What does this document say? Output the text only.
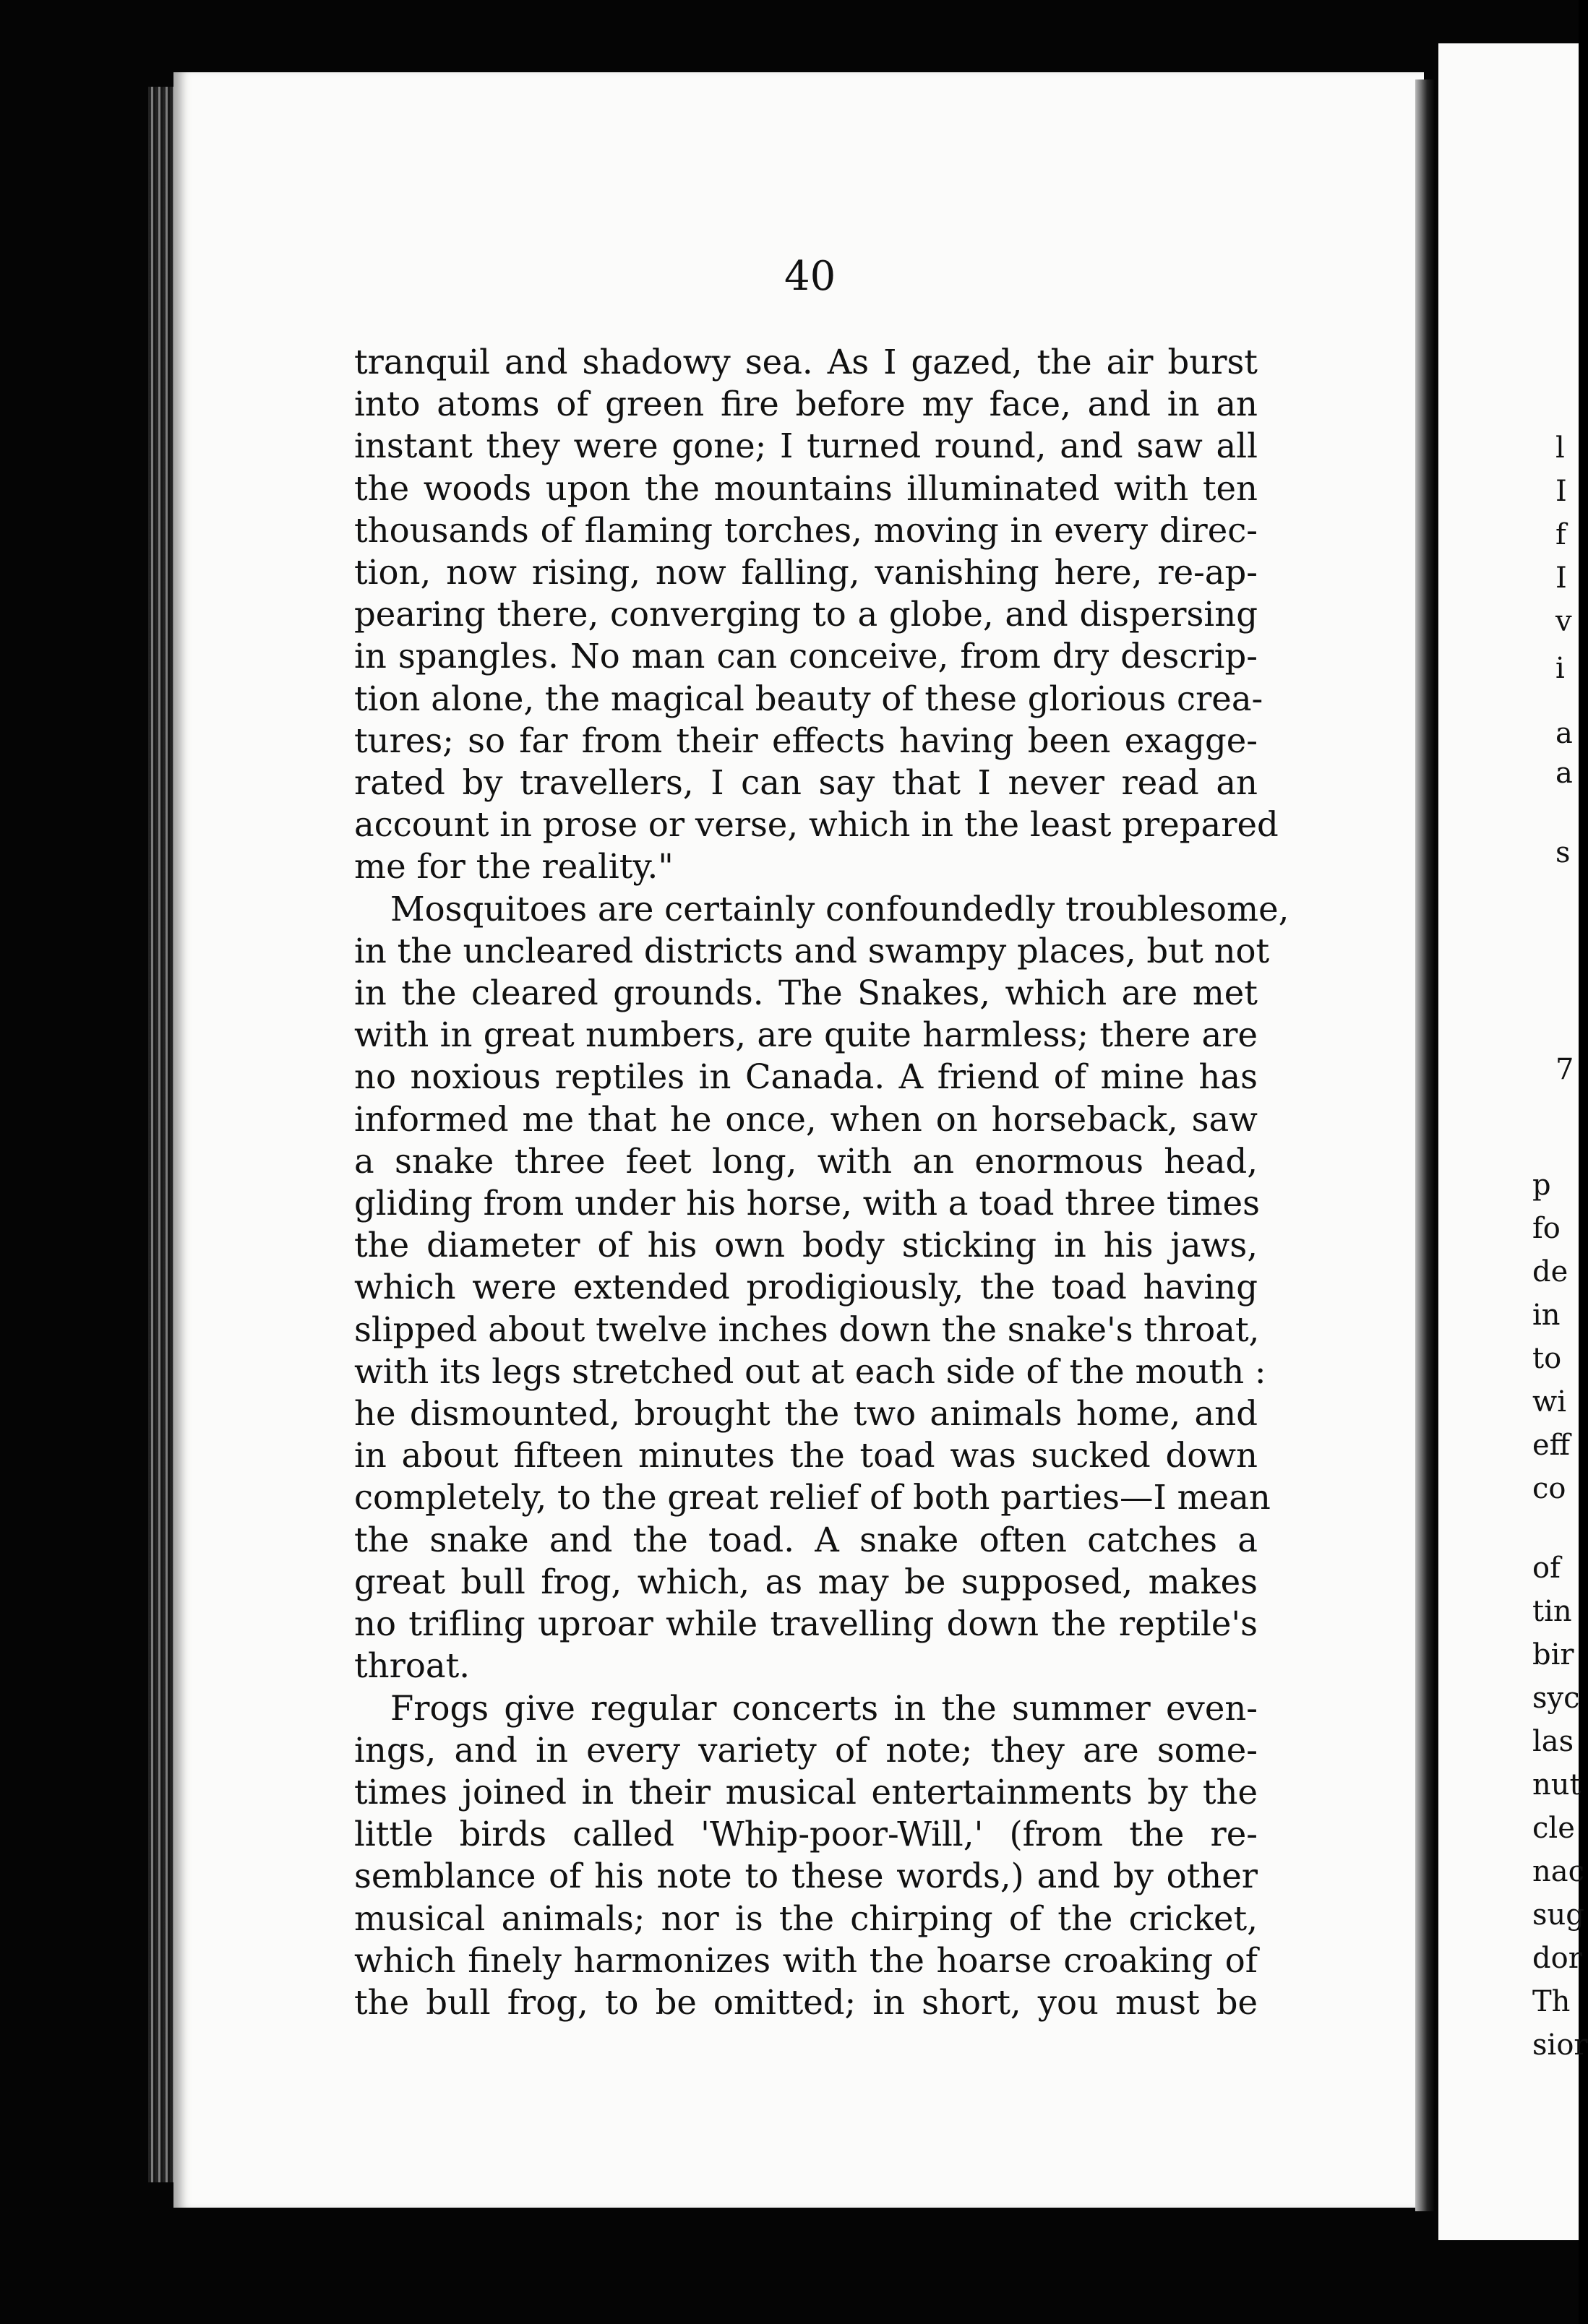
40
tranquil and shadowy sea. As I gazed, the air burst
into atoms of green fire before my face, and in an
instant they were gone; I turned round, and saw all
the woods upon the mountains illuminated with ten
thousands of flaming torches, moving in every direc-
tion, now rising, now falling, vanishing here, re-ap-
pearing there, converging to a globe, and dispersing
in spangles. No man can conceive, from dry descrip-
tion alone, the magical beauty of these glorious crea-
tures; so far from their effects having been exagge-
rated by travellers, I can say that I never read an
account in prose or verse, which in the least prepared
me for the reality."
Mosquitoes are certainly confoundedly troublesome,
in the uncleared districts and swampy places, but not
in the cleared grounds. The Snakes, which are met
with in great numbers, are quite harmless; there are
no noxious reptiles in Canada. A friend of mine has
informed me that he once, when on horseback, saw
a snake three feet long, with an enormous head,
gliding from under his horse, with a toad three times
the diameter of his own body sticking in his jaws,
which were extended prodigiously, the toad having
slipped about twelve inches down the snake's throat,
with its legs stretched out at each side of the mouth :
he dismounted, brought the two animals home, and
in about fifteen minutes the toad was sucked down
completely, to the great relief of both parties—I mean
the snake and the toad. A snake often catches a
great bull frog, which, as may be supposed, makes
no trifling uproar while travelling down the reptile's
throat.
Frogs give regular concerts in the summer even-
ings, and in every variety of note; they are some-
times joined in their musical entertainments by the
little birds called 'Whip-poor-Will,' (from the re-
semblance of his note to these words,) and by other
musical animals; nor is the chirping of the cricket,
which finely harmonizes with the hoarse croaking of
the bull frog, to be omitted; in short, you must be
l
I
f
I
v
i
a
a
s
7
p
fo
de
in
to
wi
eff
co
of
tin
bir
syc
las
nut
cle
nac
sug
dor
Th
sior
